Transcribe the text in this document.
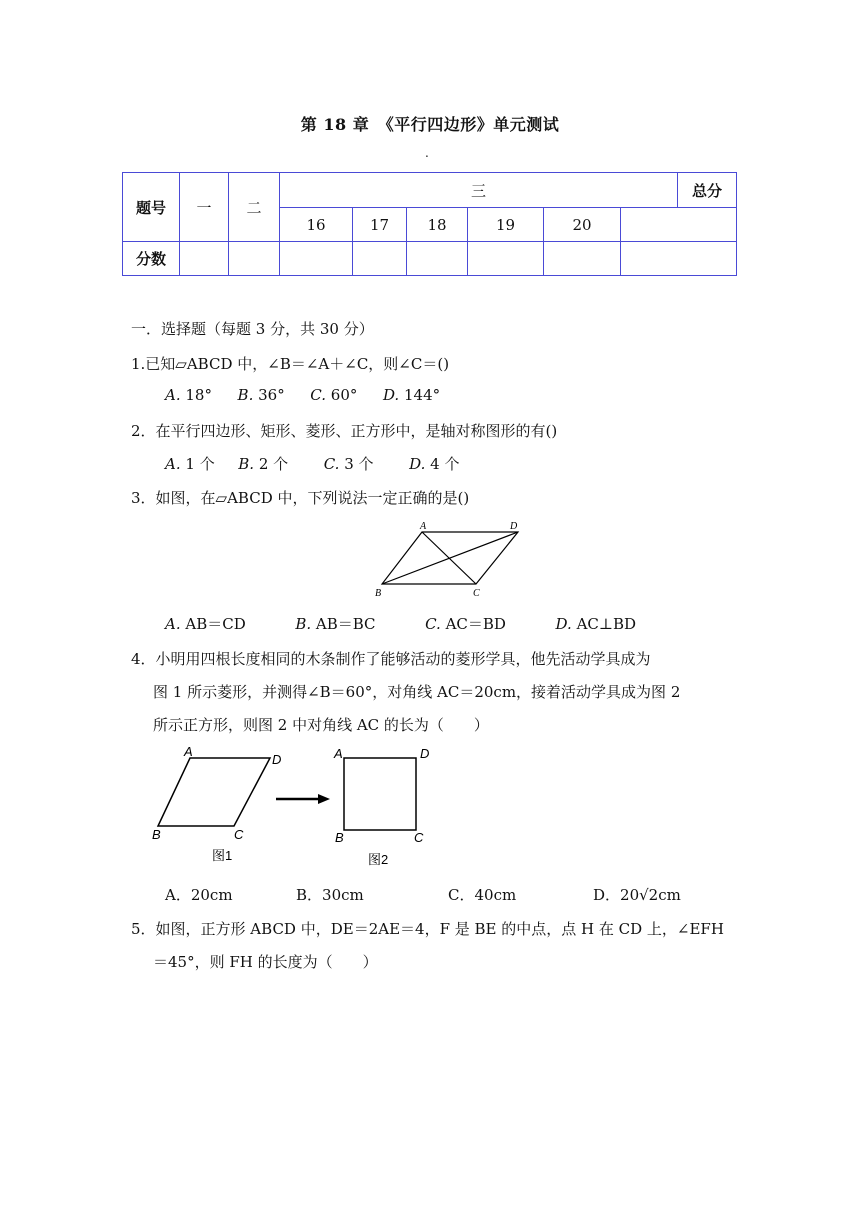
第 18 章　《平行四边形》单元测试
.
题号	一	二	三						总分
			16	17	18	19	20		
分数									
一．选择题（每题 3 分，共 30 分）
1.已知▱ABCD 中，∠B＝∠A＋∠C，则∠C＝()
A. 18° B. 36° C. 60° D. 144°
2．在平行四边形、矩形、菱形、正方形中，是轴对称图形的有()
A. 1 个 B. 2 个 C. 3 个 D. 4 个
3．如图，在▱ABCD 中，下列说法一定正确的是()
A	D
B	C
A. AB＝CD	B. AB＝BC	C. AC＝BD	D. AC⊥BD
4．小明用四根长度相同的木条制作了能够活动的菱形学具，他先活动学具成为
图 1 所示菱形，并测得∠B＝60°，对角线 AC＝20cm，接着活动学具成为图 2
所示正方形，则图 2 中对角线 AC 的长为（　　）
A
D
B	C
图1
A	D
B	C
图2
A．20cm	B．30cm	C．40cm	D．20√2cm
5．如图，正方形 ABCD 中，DE＝2AE＝4，F 是 BE 的中点，点 H 在 CD 上，∠EFH
＝45°，则 FH 的长度为（　　）
